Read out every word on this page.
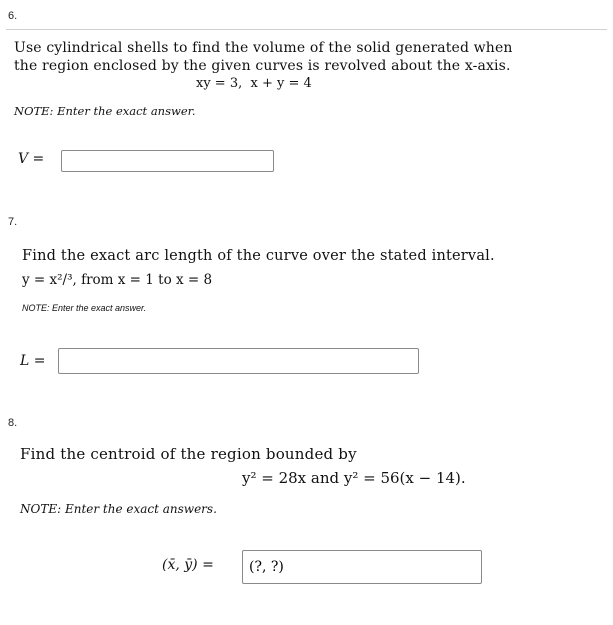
6.
Use cylindrical shells to find the volume of the solid generated when
the region enclosed by the given curves is revolved about the x-axis.
xy = 3,  x + y = 4
NOTE: Enter the exact answer.
V =
7.
Find the exact arc length of the curve over the stated interval.
y = x²/³, from x = 1 to x = 8
NOTE: Enter the exact answer.
L =
8.
Find the centroid of the region bounded by
y² = 28x and y² = 56(x − 14).
NOTE: Enter the exact answers.
(x̄, ȳ) =
(?, ?)
